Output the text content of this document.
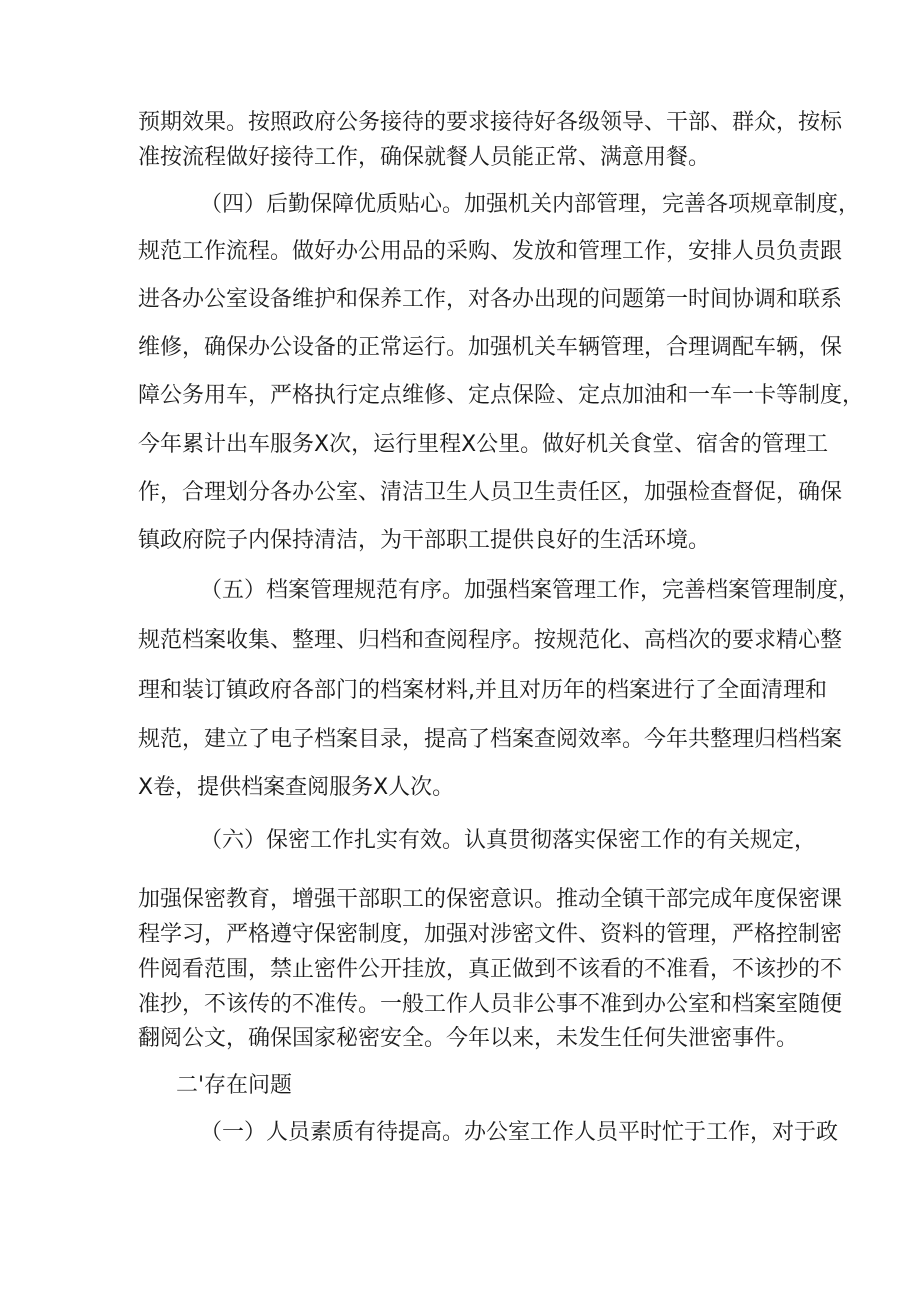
预期效果。按照政府公务接待的要求接待好各级领导、干部、群众，按标
准按流程做好接待工作，确保就餐人员能正常、满意用餐。
（四）后勤保障优质贴心。加强机关内部管理，完善各项规章制度，
规范工作流程。做好办公用品的采购、发放和管理工作，安排人员负责跟
进各办公室设备维护和保养工作，对各办出现的问题第一时间协调和联系
维修，确保办公设备的正常运行。加强机关车辆管理，合理调配车辆，保
障公务用车，严格执行定点维修、定点保险、定点加油和一车一卡等制度，
今年累计出车服务X次，运行里程X公里。做好机关食堂、宿舍的管理工
作，合理划分各办公室、清洁卫生人员卫生责任区，加强检查督促，确保
镇政府院子内保持清洁，为干部职工提供良好的生活环境。
（五）档案管理规范有序。加强档案管理工作，完善档案管理制度，
规范档案收集、整理、归档和查阅程序。按规范化、高档次的要求精心整
理和装订镇政府各部门的档案材料,并且对历年的档案进行了全面清理和
规范，建立了电子档案目录，提高了档案查阅效率。今年共整理归档档案
X卷，提供档案查阅服务X人次。
（六）保密工作扎实有效。认真贯彻落实保密工作的有关规定，
加强保密教育，增强干部职工的保密意识。推动全镇干部完成年度保密课
程学习，严格遵守保密制度，加强对涉密文件、资料的管理，严格控制密
件阅看范围，禁止密件公开挂放，真正做到不该看的不准看，不该抄的不
准抄，不该传的不准传。一般工作人员非公事不准到办公室和档案室随便
翻阅公文，确保国家秘密安全。今年以来，未发生任何失泄密事件。
二'存在问题
（一）人员素质有待提高。办公室工作人员平时忙于工作，对于政
